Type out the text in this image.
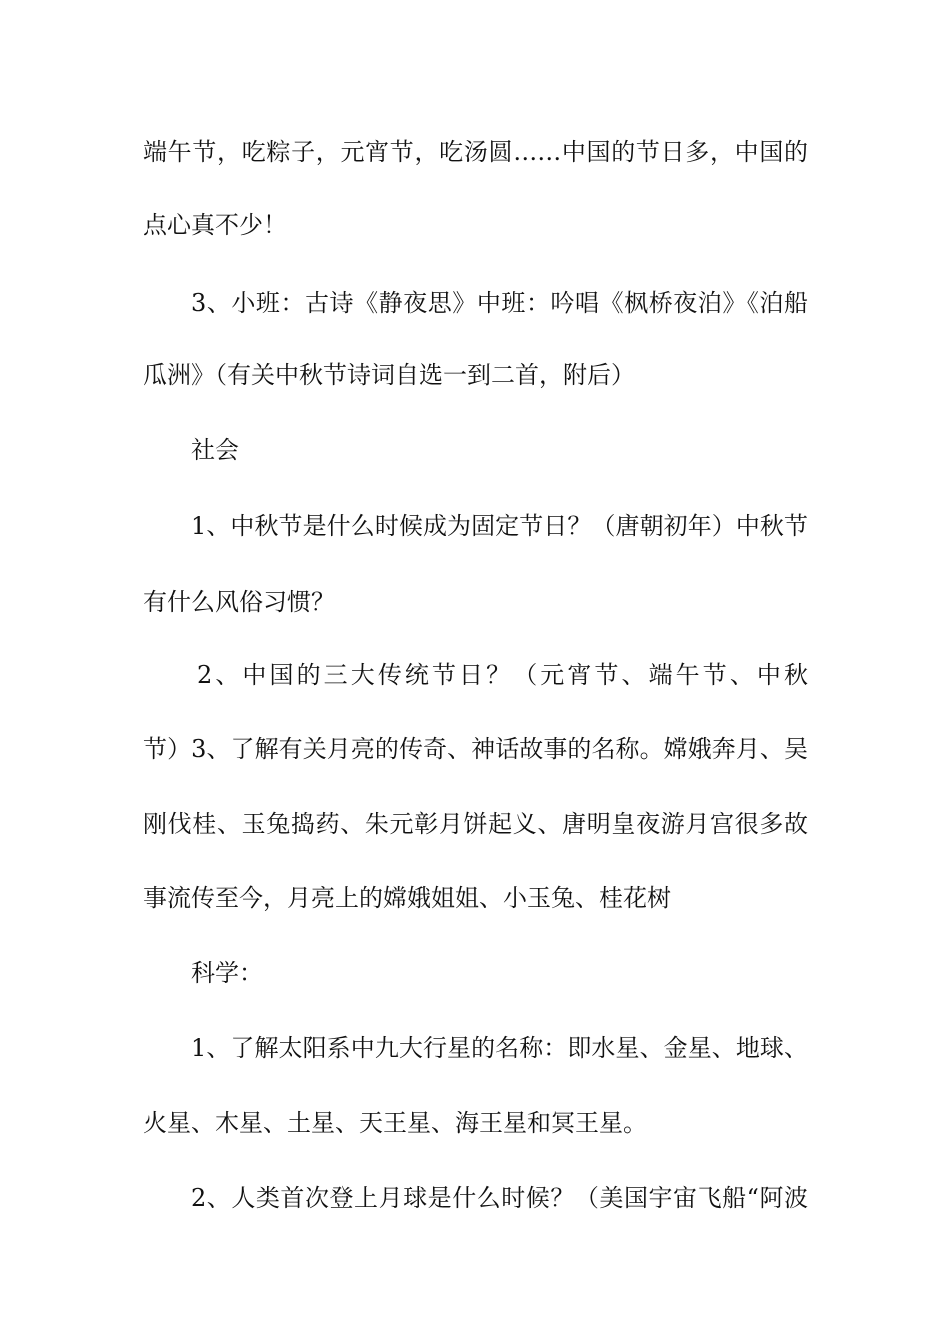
端午节，吃粽子，元宵节，吃汤圆……中国的节日多，中国的
点心真不少！
3、小班：古诗《静夜思》中班：吟唱《枫桥夜泊》《泊船
瓜洲》（有关中秋节诗词自选一到二首，附后）
社会
1、中秋节是什么时候成为固定节日？（唐朝初年）中秋节
有什么风俗习惯？
2、中国的三大传统节日？（元宵节、端午节、中秋
节）3、了解有关月亮的传奇、神话故事的名称。嫦娥奔月、吴
刚伐桂、玉兔捣药、朱元彰月饼起义、唐明皇夜游月宫很多故
事流传至今，月亮上的嫦娥姐姐、小玉兔、桂花树
科学：
1、了解太阳系中九大行星的名称：即水星、金星、地球、
火星、木星、土星、天王星、海王星和冥王星。
2、人类首次登上月球是什么时候？（美国宇宙飞船“阿波
